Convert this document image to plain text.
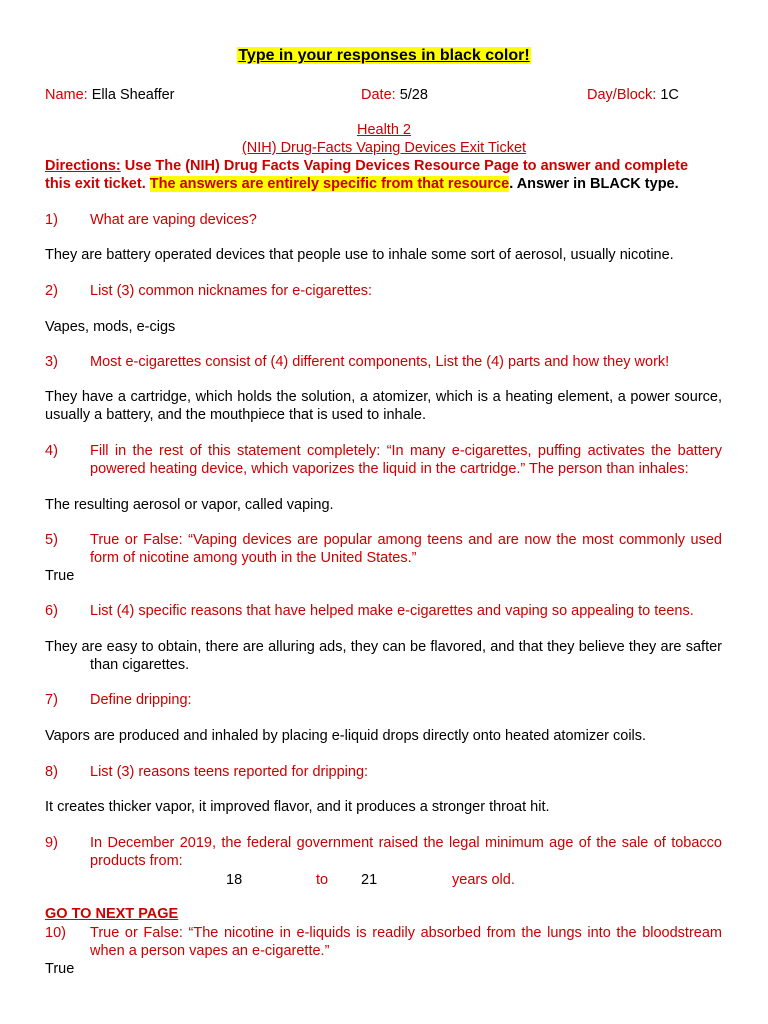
Type in your responses in black color!
Name: Ella Sheaffer	Date: 5/28	Day/Block: 1C
Health 2
(NIH) Drug-Facts Vaping Devices Exit Ticket
Directions: Use The (NIH) Drug Facts Vaping Devices Resource Page to answer and complete
this exit ticket. The answers are entirely specific from that resource. Answer in BLACK type.
1) What are vaping devices?
They are battery operated devices that people use to inhale some sort of aerosol, usually nicotine.
2) List (3) common nicknames for e-cigarettes:
Vapes, mods, e-cigs
3) Most e-cigarettes consist of (4) different components, List the (4) parts and how they work!
They have a cartridge, which holds the solution, a atomizer, which is a heating element, a power source, usually a battery, and the mouthpiece that is used to inhale.
4) Fill in the rest of this statement completely: “In many e-cigarettes, puffing activates the battery powered heating device, which vaporizes the liquid in the cartridge.” The person than inhales:
The resulting aerosol or vapor, called vaping.
5) True or False: “Vaping devices are popular among teens and are now the most commonly used form of nicotine among youth in the United States.”
True
6) List (4) specific reasons that have helped make e-cigarettes and vaping so appealing to teens.
They are easy to obtain, there are alluring ads, they can be flavored, and that they believe they are safter than cigarettes.
7) Define dripping:
Vapors are produced and inhaled by placing e-liquid drops directly onto heated atomizer coils.
8) List (3) reasons teens reported for dripping:
It creates thicker vapor, it improved flavor, and it produces a stronger throat hit.
9) In December 2019, the federal government raised the legal minimum age of the sale of tobacco products from:
18	to 21	years old.
GO TO NEXT PAGE
10) True or False: “The nicotine in e-liquids is readily absorbed from the lungs into the bloodstream when a person vapes an e-cigarette.”
True
